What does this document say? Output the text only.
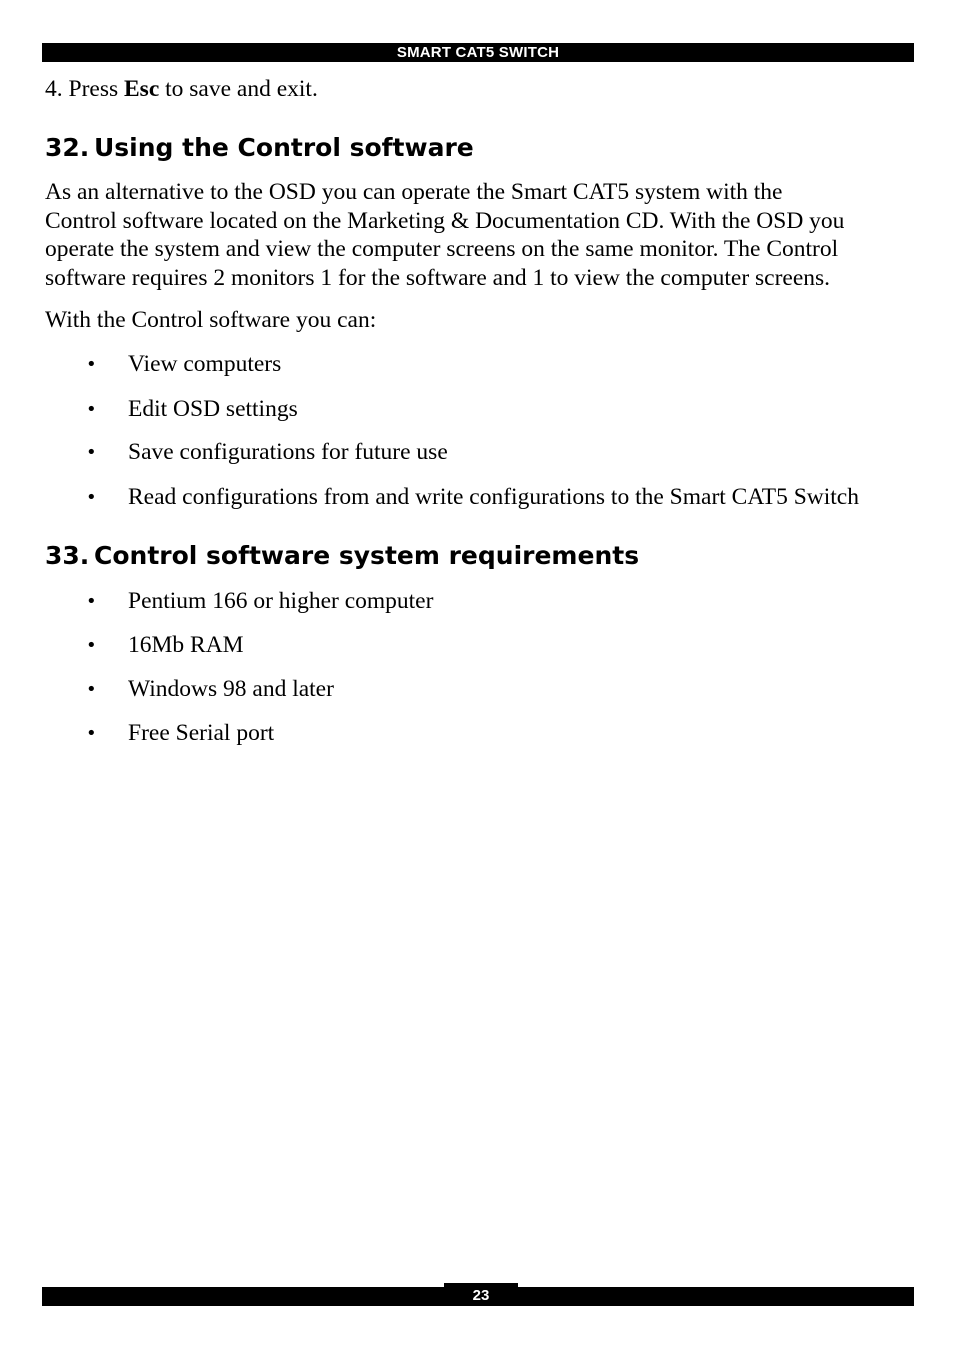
SMART CAT5 SWITCH
4. Press Esc to save and exit.
32. Using the Control software
As an alternative to the OSD you can operate the Smart CAT5 system with the
Control software located on the Marketing & Documentation CD. With the OSD you
operate the system and view the computer screens on the same monitor. The Control
software requires 2 monitors 1 for the software and 1 to view the computer screens.
With the Control software you can:
• View computers
• Edit OSD settings
• Save configurations for future use
• Read configurations from and write configurations to the Smart CAT5 Switch
33. Control software system requirements
• Pentium 166 or higher computer
• 16Mb RAM
• Windows 98 and later
• Free Serial port
23
